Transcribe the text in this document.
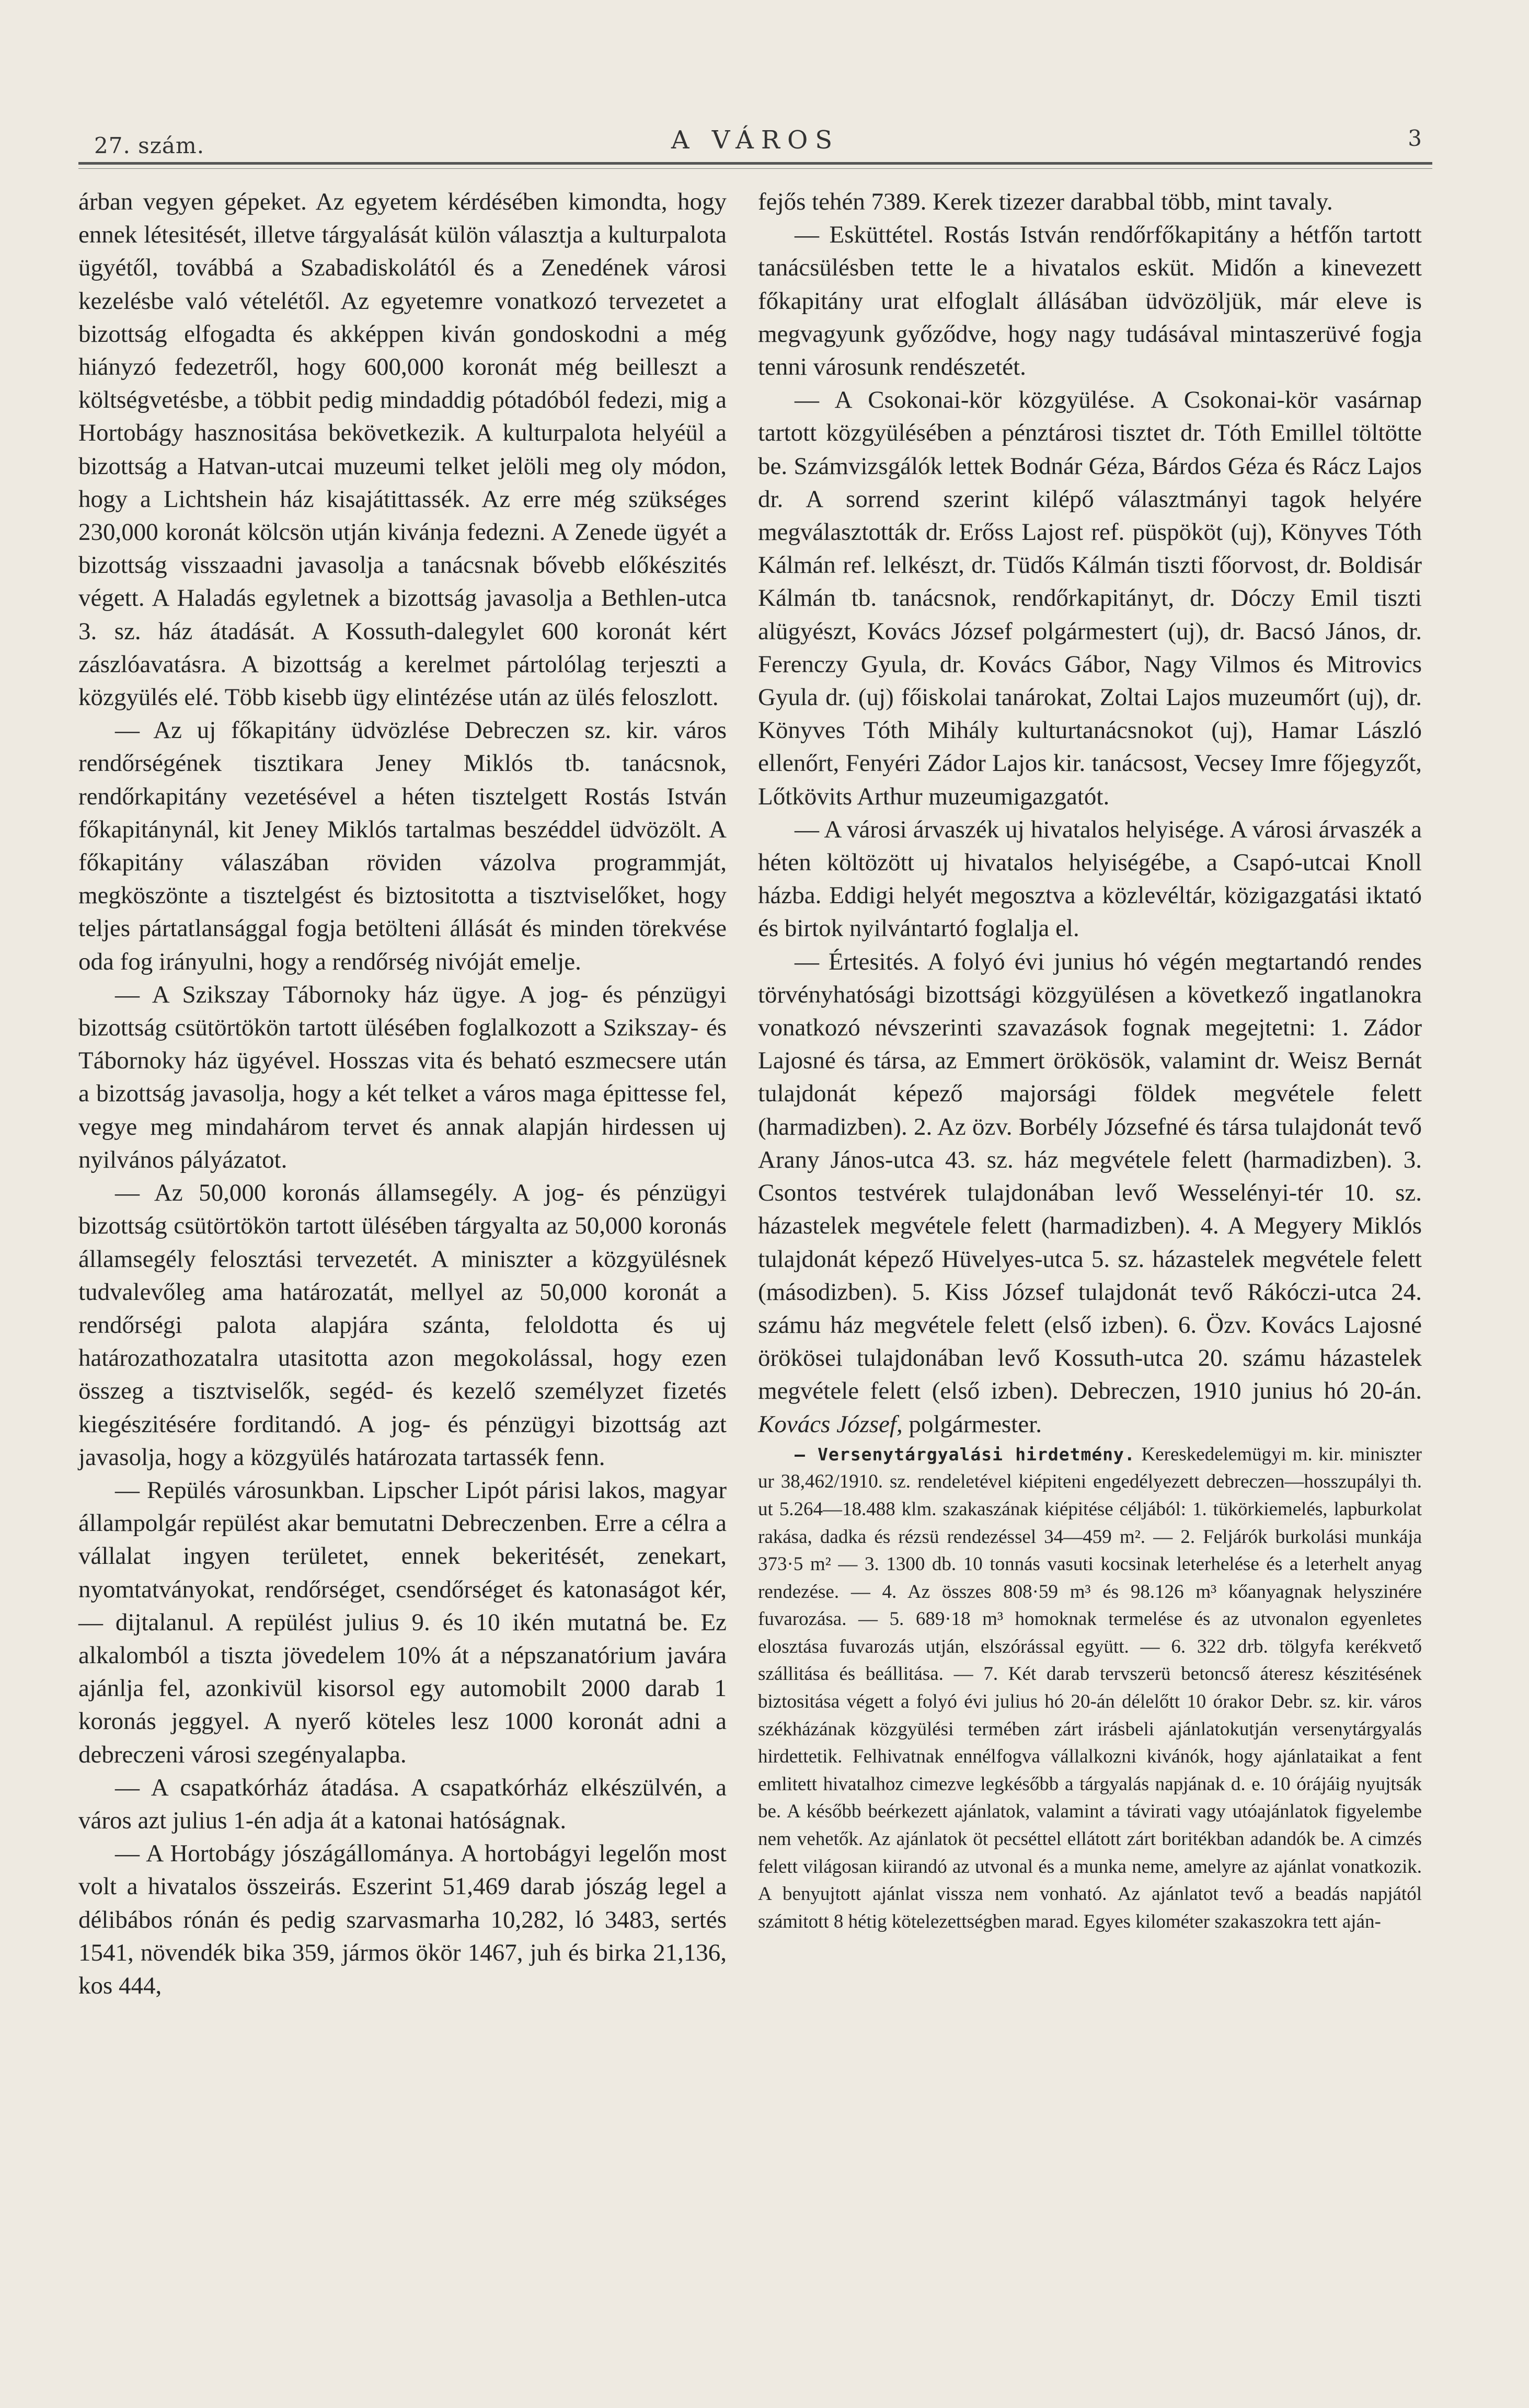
27. szám.	A VÁROS	3

árban vegyen gépeket. Az egyetem kérdésében kimondta, hogy ennek létesitését, illetve tárgyalását külön választja a kulturpalota ügyétől, továbbá a Szabadiskolától és a Zenedének városi kezelésbe való vételétől. Az egyetemre vonatkozó tervezetet a bizottság elfogadta és akképpen kiván gondoskodni a még hiányzó fedezetről, hogy 600,000 koronát még beilleszt a költségvetésbe, a többit pedig mindaddig pótadóból fedezi, mig a Hortobágy hasznositása bekövetkezik. A kulturpalota helyéül a bizottság a Hatvan-utcai muzeumi telket jelöli meg oly módon, hogy a Lichtshein ház kisajátittassék. Az erre még szükséges 230,000 koronát kölcsön utján kivánja fedezni. A Zenede ügyét a bizottság visszaadni javasolja a tanácsnak bővebb előkészités végett. A Haladás egyletnek a bizottság javasolja a Bethlen-utca 3. sz. ház átadását. A Kossuth-dalegylet 600 koronát kért zászlóavatásra. A bizottság a kerelmet pártolólag terjeszti a közgyülés elé. Több kisebb ügy elintézése után az ülés feloszlott.

— Az uj főkapitány üdvözlése Debreczen sz. kir. város rendőrségének tisztikara Jeney Miklós tb. tanácsnok, rendőrkapitány vezetésével a héten tisztelgett Rostás István főkapitánynál, kit Jeney Miklós tartalmas beszéddel üdvözölt. A főkapitány válaszában röviden vázolva programmját, megköszönte a tisztelgést és biztositotta a tisztviselőket, hogy teljes pártatlansággal fogja betölteni állását és minden törekvése oda fog irányulni, hogy a rendőrség nivóját emelje.

— A Szikszay Tábornoky ház ügye. A jog- és pénzügyi bizottság csütörtökön tartott ülésében foglalkozott a Szikszay- és Tábornoky ház ügyével. Hosszas vita és beható eszmecsere után a bizottság javasolja, hogy a két telket a város maga épittesse fel, vegye meg mindahárom tervet és annak alapján hirdessen uj nyilvános pályázatot.

— Az 50,000 koronás államsegély. A jog- és pénzügyi bizottság csütörtökön tartott ülésében tárgyalta az 50,000 koronás államsegély felosztási tervezetét. A miniszter a közgyülésnek tudvalevőleg ama határozatát, mellyel az 50,000 koronát a rendőrségi palota alapjára szánta, feloldotta és uj határozathozatalra utasitotta azon megokolással, hogy ezen összeg a tisztviselők, segéd- és kezelő személyzet fizetés kiegészitésére forditandó. A jog- és pénzügyi bizottság azt javasolja, hogy a közgyülés határozata tartassék fenn.

— Repülés városunkban. Lipscher Lipót párisi lakos, magyar állampolgár repülést akar bemutatni Debreczenben. Erre a célra a vállalat ingyen területet, ennek bekeritését, zenekart, nyomtatványokat, rendőrséget, csendőrséget és katonaságot kér, — dijtalanul. A repülést julius 9. és 10 ikén mutatná be. Ez alkalomból a tiszta jövedelem 10% át a népszanatórium javára ajánlja fel, azonkivül kisorsol egy automobilt 2000 darab 1 koronás jeggyel. A nyerő köteles lesz 1000 koronát adni a debreczeni városi szegényalapba.

— A csapatkórház átadása. A csapatkórház elkészülvén, a város azt julius 1-én adja át a katonai hatóságnak.

— A Hortobágy jószágállománya. A hortobágyi legelőn most volt a hivatalos összeirás. Eszerint 51,469 darab jószág legel a délibábos rónán és pedig szarvasmarha 10,282, ló 3483, sertés 1541, növendék bika 359, jármos ökör 1467, juh és birka 21,136, kos 444,

fejős tehén 7389. Kerek tizezer darabbal több, mint tavaly.

— Esküttétel. Rostás István rendőrfőkapitány a hétfőn tartott tanácsülésben tette le a hivatalos esküt. Midőn a kinevezett főkapitány urat elfoglalt állásában üdvözöljük, már eleve is megvagyunk győződve, hogy nagy tudásával mintaszerüvé fogja tenni városunk rendészetét.

— A Csokonai-kör közgyülése. A Csokonai-kör vasárnap tartott közgyülésében a pénztárosi tisztet dr. Tóth Emillel töltötte be. Számvizsgálók lettek Bodnár Géza, Bárdos Géza és Rácz Lajos dr. A sorrend szerint kilépő választmányi tagok helyére megválasztották dr. Erőss Lajost ref. püspököt (uj), Könyves Tóth Kálmán ref. lelkészt, dr. Tüdős Kálmán tiszti főorvost, dr. Boldisár Kálmán tb. tanácsnok, rendőrkapitányt, dr. Dóczy Emil tiszti alügyészt, Kovács József polgármestert (uj), dr. Bacsó János, dr. Ferenczy Gyula, dr. Kovács Gábor, Nagy Vilmos és Mitrovics Gyula dr. (uj) főiskolai tanárokat, Zoltai Lajos muzeumőrt (uj), dr. Könyves Tóth Mihály kulturtanácsnokot (uj), Hamar László ellenőrt, Fenyéri Zádor Lajos kir. tanácsost, Vecsey Imre főjegyzőt, Lőtkövits Arthur muzeumigazgatót.

— A városi árvaszék uj hivatalos helyisége. A városi árvaszék a héten költözött uj hivatalos helyiségébe, a Csapó-utcai Knoll házba. Eddigi helyét megosztva a közlevéltár, közigazgatási iktató és birtok nyilvántartó foglalja el.

— Értesités. A folyó évi junius hó végén megtartandó rendes törvényhatósági bizottsági közgyülésen a következő ingatlanokra vonatkozó névszerinti szavazások fognak megejtetni: 1. Zádor Lajosné és társa, az Emmert örökösök, valamint dr. Weisz Bernát tulajdonát képező majorsági földek megvétele felett (harmadizben). 2. Az özv. Borbély Józsefné és társa tulajdonát tevő Arany János-utca 43. sz. ház megvétele felett (harmadizben). 3. Csontos testvérek tulajdonában levő Wesselényi-tér 10. sz. házastelek megvétele felett (harmadizben). 4. A Megyery Miklós tulajdonát képező Hüvelyes-utca 5. sz. házastelek megvétele felett (másodizben). 5. Kiss József tulajdonát tevő Rákóczi-utca 24. számu ház megvétele felett (első izben). 6. Özv. Kovács Lajosné örökösei tulajdonában levő Kossuth-utca 20. számu házastelek megvétele felett (első izben). Debreczen, 1910 junius hó 20-án. Kovács József, polgármester.

— Versenytárgyalási hirdetmény. Kereskedelemügyi m. kir. miniszter ur 38,462/1910. sz. rendeletével kiépiteni engedélyezett debreczen—hosszupályi th. ut 5.264—18.488 klm. szakaszának kiépitése céljából: 1. tükörkiemelés, lapburkolat rakása, dadka és rézsü rendezéssel 34—459 m². — 2. Feljárók burkolási munkája 373·5 m² — 3. 1300 db. 10 tonnás vasuti kocsinak leterhelése és a leterhelt anyag rendezése. — 4. Az összes 808·59 m³ és 98.126 m³ kőanyagnak helyszinére fuvarozása. — 5. 689·18 m³ homoknak termelése és az utvonalon egyenletes elosztása fuvarozás utján, elszórással együtt. — 6. 322 drb. tölgyfa kerékvető szállitása és beállitása. — 7. Két darab tervszerü betoncső áteresz készitésének biztositása végett a folyó évi julius hó 20-án délelőtt 10 órakor Debr. sz. kir. város székházának közgyülési termében zárt irásbeli ajánlatokutján versenytárgyalás hirdettetik. Felhivatnak ennélfogva vállalkozni kivánók, hogy ajánlataikat a fent emlitett hivatalhoz cimezve legkésőbb a tárgyalás napjának d. e. 10 órájáig nyujtsák be. A később beérkezett ajánlatok, valamint a távirati vagy utóajánlatok figyelembe nem vehetők. Az ajánlatok öt pecséttel ellátott zárt boritékban adandók be. A cimzés felett világosan kiirandó az utvonal és a munka neme, amelyre az ajánlat vonatkozik. A benyujtott ajánlat vissza nem vonható. Az ajánlatot tevő a beadás napjától számitott 8 hétig kötelezettségben marad. Egyes kilométer szakaszokra tett aján-
